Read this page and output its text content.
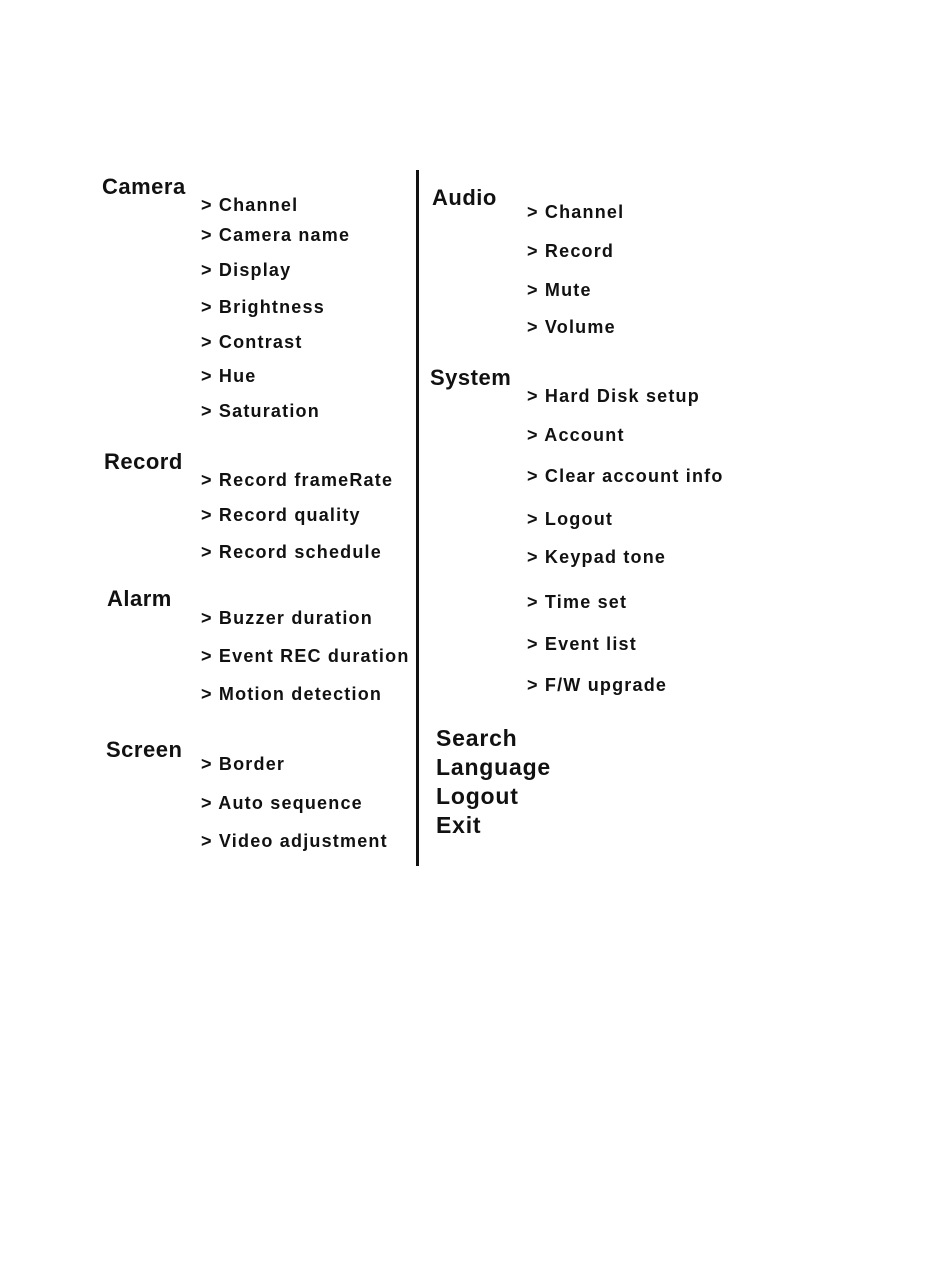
Camera
> Channel
> Camera name
> Display
> Brightness
> Contrast
> Hue
> Saturation
Record
> Record frameRate
> Record quality
> Record schedule
Alarm
> Buzzer duration
> Event REC duration
> Motion detection
Screen
> Border
> Auto sequence
> Video adjustment
Audio
> Channel
> Record
> Mute
> Volume
System
> Hard Disk setup
> Account
> Clear account info
> Logout
> Keypad tone
> Time set
> Event list
> F/W upgrade
Search
Language
Logout
Exit
